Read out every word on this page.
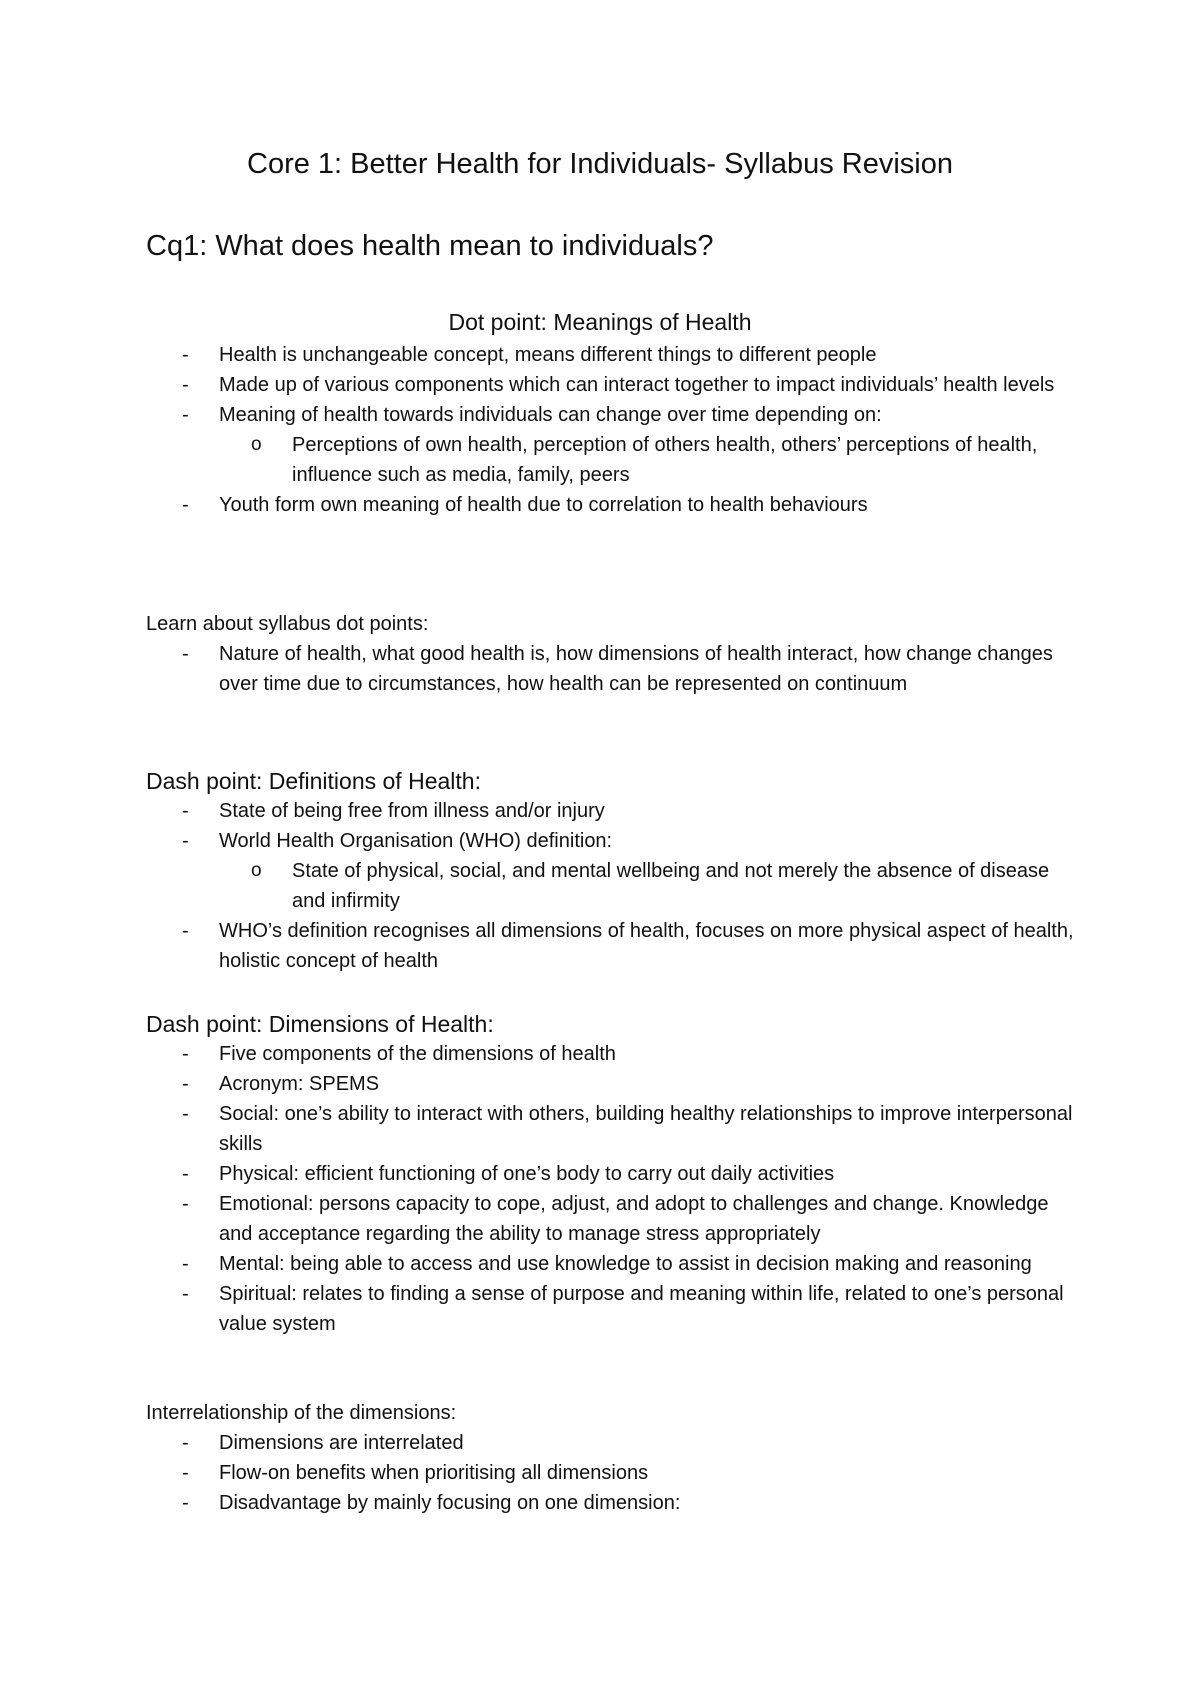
Core 1: Better Health for Individuals- Syllabus Revision
Cq1: What does health mean to individuals?
Dot point: Meanings of Health
- Health is unchangeable concept, means different things to different people
- Made up of various components which can interact together to impact individuals’ health levels
- Meaning of health towards individuals can change over time depending on:
o Perceptions of own health, perception of others health, others’ perceptions of health, influence such as media, family, peers
- Youth form own meaning of health due to correlation to health behaviours

Learn about syllabus dot points:

- Nature of health, what good health is, how dimensions of health interact, how change changes over time due to circumstances, how health can be represented on continuum
Dash point: Definitions of Health:
- State of being free from illness and/or injury
- World Health Organisation (WHO) definition:
o State of physical, social, and mental wellbeing and not merely the absence of disease and infirmity
- WHO’s definition recognises all dimensions of health, focuses on more physical aspect of health, holistic concept of health
Dash point: Dimensions of Health:
- Five components of the dimensions of health
- Acronym: SPEMS
- Social: one’s ability to interact with others, building healthy relationships to improve interpersonal skills
- Physical: efficient functioning of one’s body to carry out daily activities
- Emotional: persons capacity to cope, adjust, and adopt to challenges and change. Knowledge and acceptance regarding the ability to manage stress appropriately
- Mental: being able to access and use knowledge to assist in decision making and reasoning
- Spiritual: relates to finding a sense of purpose and meaning within life, related to one’s personal value system

Interrelationship of the dimensions:

- Dimensions are interrelated
- Flow-on benefits when prioritising all dimensions
- Disadvantage by mainly focusing on one dimension:
